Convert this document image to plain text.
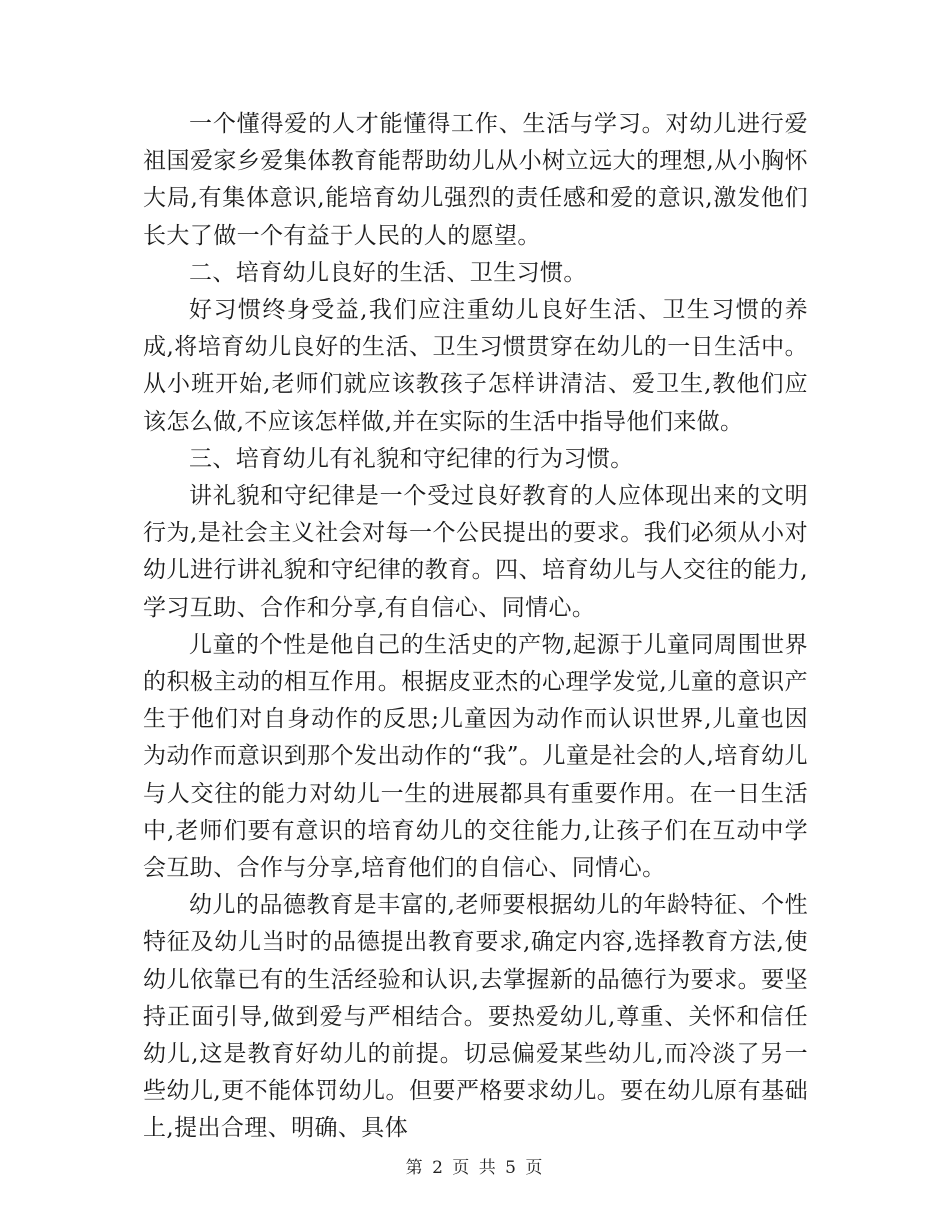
一个懂得爱的人才能懂得工作、生活与学习。对幼儿进行爱祖国爱家乡爱集体教育能帮助幼儿从小树立远大的理想,从小胸怀大局,有集体意识,能培育幼儿强烈的责任感和爱的意识,激发他们长大了做一个有益于人民的人的愿望。

二、培育幼儿良好的生活、卫生习惯。

好习惯终身受益,我们应注重幼儿良好生活、卫生习惯的养成,将培育幼儿良好的生活、卫生习惯贯穿在幼儿的一日生活中。从小班开始,老师们就应该教孩子怎样讲清洁、爱卫生,教他们应该怎么做,不应该怎样做,并在实际的生活中指导他们来做。

三、培育幼儿有礼貌和守纪律的行为习惯。

讲礼貌和守纪律是一个受过良好教育的人应体现出来的文明行为,是社会主义社会对每一个公民提出的要求。我们必须从小对幼儿进行讲礼貌和守纪律的教育。四、培育幼儿与人交往的能力,学习互助、合作和分享,有自信心、同情心。

儿童的个性是他自己的生活史的产物,起源于儿童同周围世界的积极主动的相互作用。根据皮亚杰的心理学发觉,儿童的意识产生于他们对自身动作的反思;儿童因为动作而认识世界,儿童也因为动作而意识到那个发出动作的“我”。儿童是社会的人,培育幼儿与人交往的能力对幼儿一生的进展都具有重要作用。在一日生活中,老师们要有意识的培育幼儿的交往能力,让孩子们在互动中学会互助、合作与分享,培育他们的自信心、同情心。

幼儿的品德教育是丰富的,老师要根据幼儿的年龄特征、个性特征及幼儿当时的品德提出教育要求,确定内容,选择教育方法,使幼儿依靠已有的生活经验和认识,去掌握新的品德行为要求。要坚持正面引导,做到爱与严相结合。要热爱幼儿,尊重、关怀和信任幼儿,这是教育好幼儿的前提。切忌偏爱某些幼儿,而冷淡了另一些幼儿,更不能体罚幼儿。但要严格要求幼儿。要在幼儿原有基础上,提出合理、明确、具体

第 2 页 共 5 页
